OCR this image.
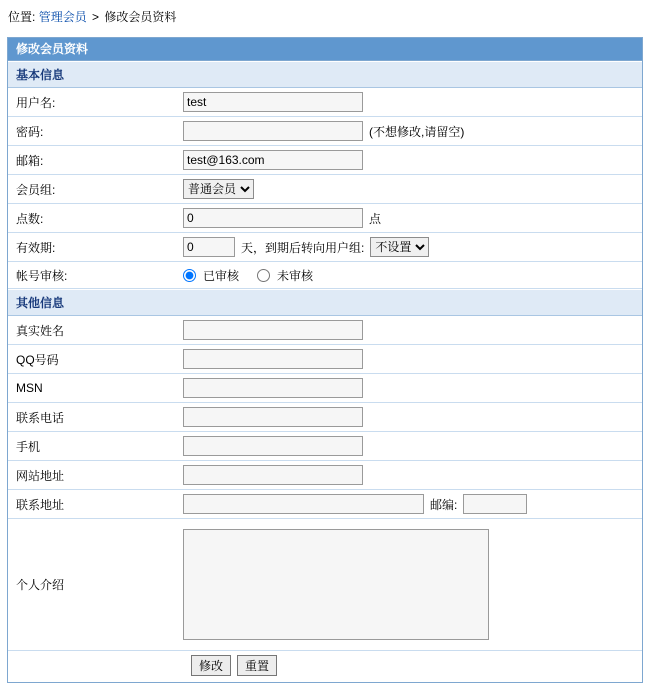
位置: 管理会员 > 修改会员资料
修改会员资料
基本信息
用户名:
test
密码:	(不想修改,请留空)
邮箱:
test@163.com
会员组:
普通会员
点数:
0	点
有效期:
0	天，到期后转向用户组:
不设置
帐号审核:	已审核	未审核
其他信息
真实姓名
QQ号码
MSN
联系电话
手机
网站地址
联系地址	邮编:
个人介绍
修改	重置
